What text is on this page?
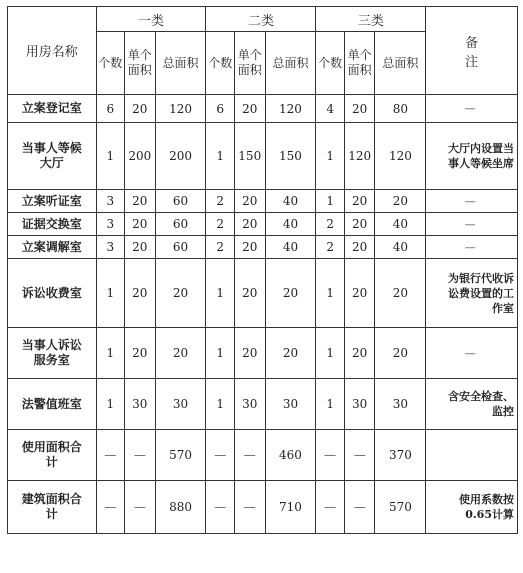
用房名称	一类			二类			三类			备注
	个数	单个面积	总面积	个数	单个面积	总面积	个数	单个面积	总面积	
立案登记室	6	20	120	6	20	120	4	20	80	—
当事人等候大厅	1	200	200	1	150	150	1	120	120	大厅内设置当事人等候坐席
立案听证室	3	20	60	2	20	40	1	20	20	—
证据交换室	3	20	60	2	20	40	2	20	40	—
立案调解室	3	20	60	2	20	40	2	20	40	—
诉讼收费室	1	20	20	1	20	20	1	20	20	为银行代收诉讼费设置的工作室
当事人诉讼服务室	1	20	20	1	20	20	1	20	20	—
法警值班室	1	30	30	1	30	30	1	30	30	含安全检查、监控
使用面积合计	—	—	570	—	—	460	—	—	370	
建筑面积合计	—	—	880	—	—	710	—	—	570	使用系数按0.65计算
